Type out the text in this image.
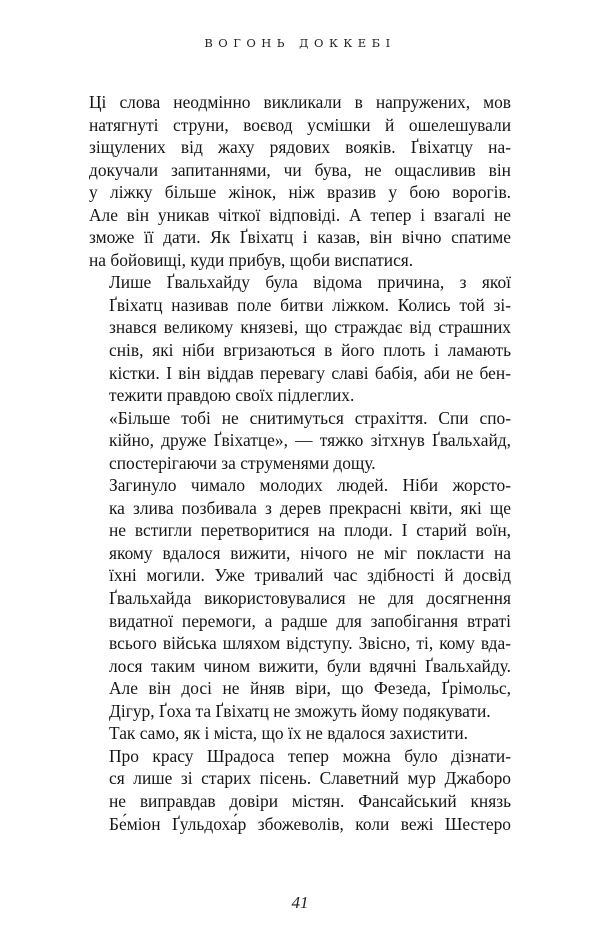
ВОГОНЬ ДОККЕБІ

Ці слова неодмінно викликали в напружених, мов
натягнуті струни, воєвод усмішки й ошелешували
зіщулених від жаху рядових вояків. Ґвіхатцу на-
докучали запитаннями, чи бува, не ощасливив він
у ліжку більше жінок, ніж вразив у бою ворогів.
Але він уникав чіткої відповіді. А тепер і взагалі не
зможе її дати. Як Ґвіхатц і казав, він вічно спатиме
на бойовищі, куди прибув, щоби виспатися.

Лише Ґвальхайду була відома причина, з якої
Ґвіхатц називав поле битви ліжком. Колись той зі-
знався великому князеві, що страждає від страшних
снів, які ніби вгризаються в його плоть і ламають
кістки. І він віддав перевагу славі бабія, аби не бен-
тежити правдою своїх підлеглих.

«Більше тобі не снитимуться страхіття. Спи спо-
кійно, друже Ґвіхатце», — тяжко зітхнув Ґвальхайд,
спостерігаючи за струменями дощу.

Загинуло чимало молодих людей. Ніби жорсто-
ка злива позбивала з дерев прекрасні квіти, які ще
не встигли перетворитися на плоди. І старий воїн,
якому вдалося вижити, нічого не міг покласти на
їхні могили. Уже тривалий час здібності й досвід
Ґвальхайда використовувалися не для досягнення
видатної перемоги, а радше для запобігання втраті
всього війська шляхом відступу. Звісно, ті, кому вда-
лося таким чином вижити, були вдячні Ґвальхайду.
Але він досі не йняв віри, що Фезеда, Ґрімольс,
Дігур, Ґоха та Ґвіхатц не зможуть йому подякувати.

Так само, як і міста, що їх не вдалося захистити.

Про красу Шрадоса тепер можна було дізнати-
ся лише зі старих пісень. Славетний мур Джаборо
не виправдав довіри містян. Фансайський князь
Бе́міон Ґульдоха́р збожеволів, коли вежі Шестеро

41
